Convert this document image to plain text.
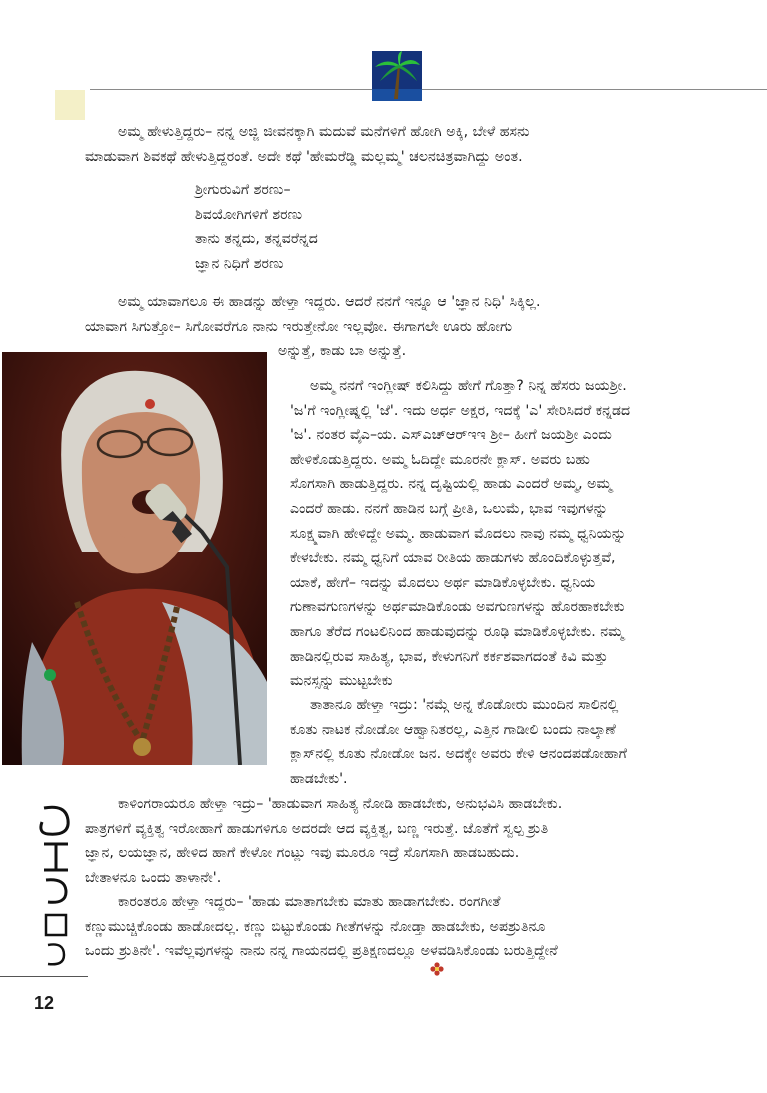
ಅಮ್ಮ ಹೇಳುತ್ತಿದ್ದರು– ನನ್ನ ಅಜ್ಜಿ ಜೀವನಕ್ಕಾಗಿ ಮದುವೆ ಮನೆಗಳಿಗೆ ಹೋಗಿ ಅಕ್ಕಿ, ಬೇಳೆ ಹಸನು
ಮಾಡುವಾಗ ಶಿವಕಥೆ ಹೇಳುತ್ತಿದ್ದರಂತೆ. ಅದೇ ಕಥೆ 'ಹೇಮರೆಡ್ಡಿ ಮಲ್ಲಮ್ಮ' ಚಲನಚಿತ್ರವಾಗಿದ್ದು ಅಂತ.
ಶ್ರೀಗುರುವಿಗೆ ಶರಣು–
ಶಿವಯೋಗಿಗಳಿಗೆ ಶರಣು
ತಾನು ತನ್ನದು, ತನ್ನವರೆನ್ನದ
ಜ್ಞಾನ ನಿಧಿಗೆ ಶರಣು
ಅಮ್ಮ ಯಾವಾಗಲೂ ಈ ಹಾಡನ್ನು ಹೇಳ್ತಾ ಇದ್ದರು. ಆದರೆ ನನಗೆ ಇನ್ನೂ ಆ 'ಜ್ಞಾನ ನಿಧಿ' ಸಿಕ್ಕಿಲ್ಲ.
ಯಾವಾಗ ಸಿಗುತ್ತೋ– ಸಿಗೋವರೆಗೂ ನಾನು ಇರುತ್ತೇನೋ ಇಲ್ಲವೋ. ಈಗಾಗಲೇ ಊರು ಹೋಗು
ಅನ್ನುತ್ತೆ, ಕಾಡು ಬಾ ಅನ್ನುತ್ತೆ.
ಅಮ್ಮ ನನಗೆ ಇಂಗ್ಲೀಷ್ ಕಲಿಸಿದ್ದು ಹೇಗೆ ಗೊತ್ತಾ? ನಿನ್ನ ಹೆಸರು ಜಯಶ್ರೀ.
'ಜ'ಗೆ ಇಂಗ್ಲೀಷ್ನಲ್ಲಿ 'ಜೆ'. ಇದು ಅರ್ಧ ಅಕ್ಷರ, ಇದಕ್ಕೆ 'ಎ' ಸೇರಿಸಿದರೆ ಕನ್ನಡದ
'ಜ'. ನಂತರ ವೈಎ–ಯ. ಎಸ್‌ಎಚ್‌ಆರ್‌ಇಇ ಶ್ರೀ– ಹೀಗೆ ಜಯಶ್ರೀ ಎಂದು
ಹೇಳಿಕೊಡುತ್ತಿದ್ದರು. ಅಮ್ಮ ಓದಿದ್ದೇ ಮೂರನೇ ಕ್ಲಾಸ್. ಅವರು ಬಹು
ಸೊಗಸಾಗಿ ಹಾಡುತ್ತಿದ್ದರು. ನನ್ನ ದೃಷ್ಟಿಯಲ್ಲಿ ಹಾಡು ಎಂದರೆ ಅಮ್ಮ, ಅಮ್ಮ
ಎಂದರೆ ಹಾಡು. ನನಗೆ ಹಾಡಿನ ಬಗ್ಗೆ ಪ್ರೀತಿ, ಒಲುಮೆ, ಭಾವ ಇವುಗಳನ್ನು
ಸೂಕ್ಷ್ಮವಾಗಿ ಹೇಳಿದ್ದೇ ಅಮ್ಮ. ಹಾಡುವಾಗ ಮೊದಲು ನಾವು ನಮ್ಮ ಧ್ವನಿಯನ್ನು
ಕೇಳಬೇಕು. ನಮ್ಮ ಧ್ವನಿಗೆ ಯಾವ ರೀತಿಯ ಹಾಡುಗಳು ಹೊಂದಿಕೊಳ್ಳುತ್ತವೆ,
ಯಾಕೆ, ಹೇಗೆ– ಇದನ್ನು ಮೊದಲು ಅರ್ಥ ಮಾಡಿಕೊಳ್ಳಬೇಕು. ಧ್ವನಿಯ
ಗುಣಾವಗುಣಗಳನ್ನು ಅರ್ಥಮಾಡಿಕೊಂಡು ಅವಗುಣಗಳನ್ನು ಹೊರಹಾಕಬೇಕು
ಹಾಗೂ ತೆರೆದ ಗಂಟಲಿನಿಂದ ಹಾಡುವುದನ್ನು ರೂಢಿ ಮಾಡಿಕೊಳ್ಳಬೇಕು. ನಮ್ಮ
ಹಾಡಿನಲ್ಲಿರುವ ಸಾಹಿತ್ಯ, ಭಾವ, ಕೇಳುಗನಿಗೆ ಕರ್ಕಶವಾಗದಂತೆ ಕಿವಿ ಮತ್ತು
ಮನಸ್ಸನ್ನು ಮುಟ್ಟಬೇಕು
ತಾತಾನೂ ಹೇಳ್ತಾ ಇದ್ರು: 'ನಮ್ಗೆ ಅನ್ನ ಕೊಡೋರು ಮುಂದಿನ ಸಾಲಿನಲ್ಲಿ
ಕೂತು ನಾಟಕ ನೋಡೋ ಆಹ್ವಾನಿತರಲ್ಲ, ಎತ್ತಿನ ಗಾಡೀಲಿ ಬಂದು ನಾಲ್ಕಾಣೆ
ಕ್ಲಾಸ್‌ನಲ್ಲಿ ಕೂತು ನೋಡೋ ಜನ. ಅದಕ್ಕೇ ಅವರು ಕೇಳಿ ಆನಂದಪಡೋಹಾಗೆ
ಹಾಡಬೇಕು'.
ಕಾಳಿಂಗರಾಯರೂ ಹೇಳ್ತಾ ಇದ್ರು– 'ಹಾಡುವಾಗ ಸಾಹಿತ್ಯ ನೋಡಿ ಹಾಡಬೇಕು, ಅನುಭವಿಸಿ ಹಾಡಬೇಕು.
ಪಾತ್ರಗಳಿಗೆ ವ್ಯಕ್ತಿತ್ವ ಇರೋಹಾಗೆ ಹಾಡುಗಳಿಗೂ ಅದರದೇ ಆದ ವ್ಯಕ್ತಿತ್ವ, ಬಣ್ಣ ಇರುತ್ತೆ. ಜೊತೆಗೆ ಸ್ವಲ್ಪ ಶ್ರುತಿ
ಜ್ಞಾನ, ಲಯಜ್ಞಾನ, ಹೇಳಿದ ಹಾಗೆ ಕೇಳೋ ಗಂಟ್ಲು ಇವು ಮೂರೂ ಇದ್ರೆ ಸೊಗಸಾಗಿ ಹಾಡಬಹುದು.
ಬೇತಾಳನೂ ಒಂದು ತಾಳಾನೇ'.
ಕಾರಂತರೂ ಹೇಳ್ತಾ ಇದ್ದರು– 'ಹಾಡು ಮಾತಾಗಬೇಕು ಮಾತು ಹಾಡಾಗಬೇಕು. ರಂಗಗೀತೆ
ಕಣ್ಣುಮುಚ್ಚಿಕೊಂಡು ಹಾಡೋದಲ್ಲ. ಕಣ್ಣು ಬಿಟ್ಟುಕೊಂಡು ಗೀತೆಗಳನ್ನು ನೋಡ್ತಾ ಹಾಡಬೇಕು, ಅಪಶ್ರುತಿನೂ
ಒಂದು ಶ್ರುತಿನೇ'. ಇವೆಲ್ಲವುಗಳನ್ನು ನಾನು ನನ್ನ ಗಾಯನದಲ್ಲಿ ಪ್ರತಿಕ್ಷಣದಲ್ಲೂ ಅಳವಡಿಸಿಕೊಂಡು ಬರುತ್ತಿದ್ದೇನೆ
12
